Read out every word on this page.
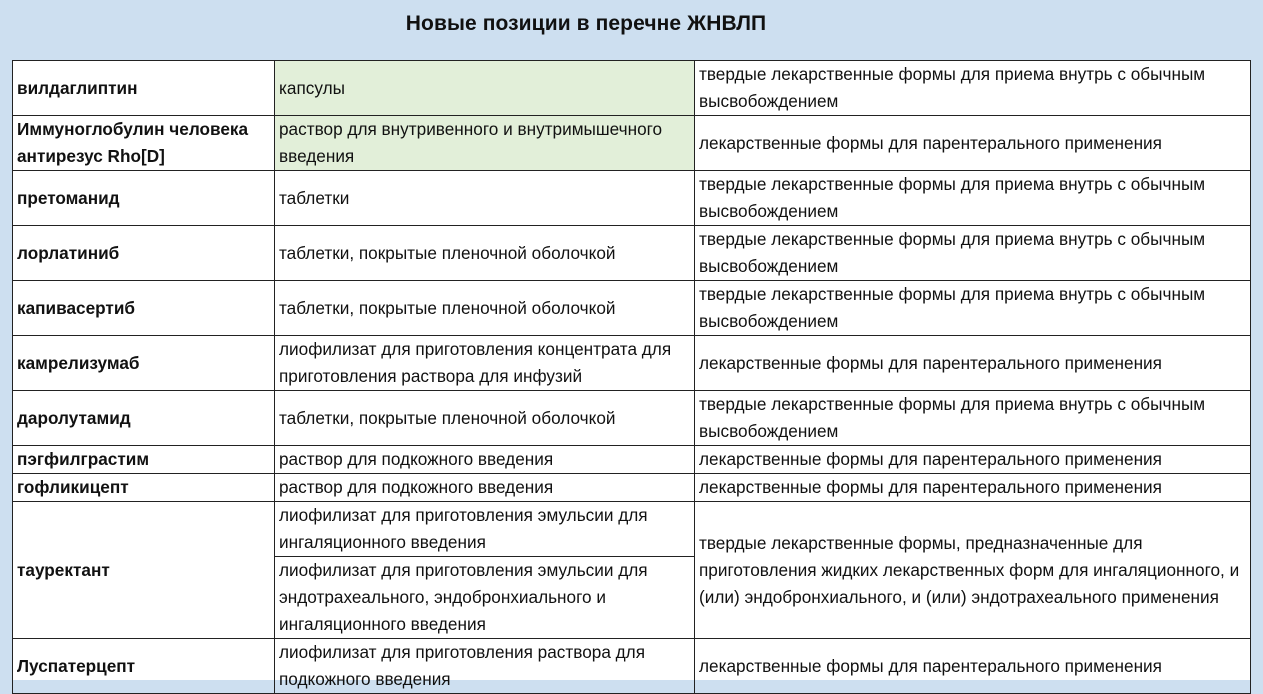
Новые позиции в перечне ЖНВЛП
вилдаглиптин	капсулы	твердые лекарственные формы для приема внутрь с обычным высвобождением
Иммуноглобулин человека антирезус Rho[D]	раствор для внутривенного и внутримышечного введения	лекарственные формы для парентерального применения
претоманид	таблетки	твердые лекарственные формы для приема внутрь с обычным высвобождением
лорлатиниб	таблетки, покрытые пленочной оболочкой	твердые лекарственные формы для приема внутрь с обычным высвобождением
капивасертиб	таблетки, покрытые пленочной оболочкой	твердые лекарственные формы для приема внутрь с обычным высвобождением
камрелизумаб	лиофилизат для приготовления концентрата для приготовления раствора для инфузий	лекарственные формы для парентерального применения
даролутамид	таблетки, покрытые пленочной оболочкой	твердые лекарственные формы для приема внутрь с обычным высвобождением
пэгфилграстим	раствор для подкожного введения	лекарственные формы для парентерального применения
гофликицепт	раствор для подкожного введения	лекарственные формы для парентерального применения
тауректант	лиофилизат для приготовления эмульсии для ингаляционного введения	твердые лекарственные формы, предназначенные для приготовления жидких лекарственных форм для ингаляционного, и (или) эндобронхиального, и (или) эндотрахеального применения
	лиофилизат для приготовления эмульсии для эндотрахеального, эндобронхиального и ингаляционного введения	
Луспатерцепт	лиофилизат для приготовления раствора для подкожного введения	лекарственные формы для парентерального применения
